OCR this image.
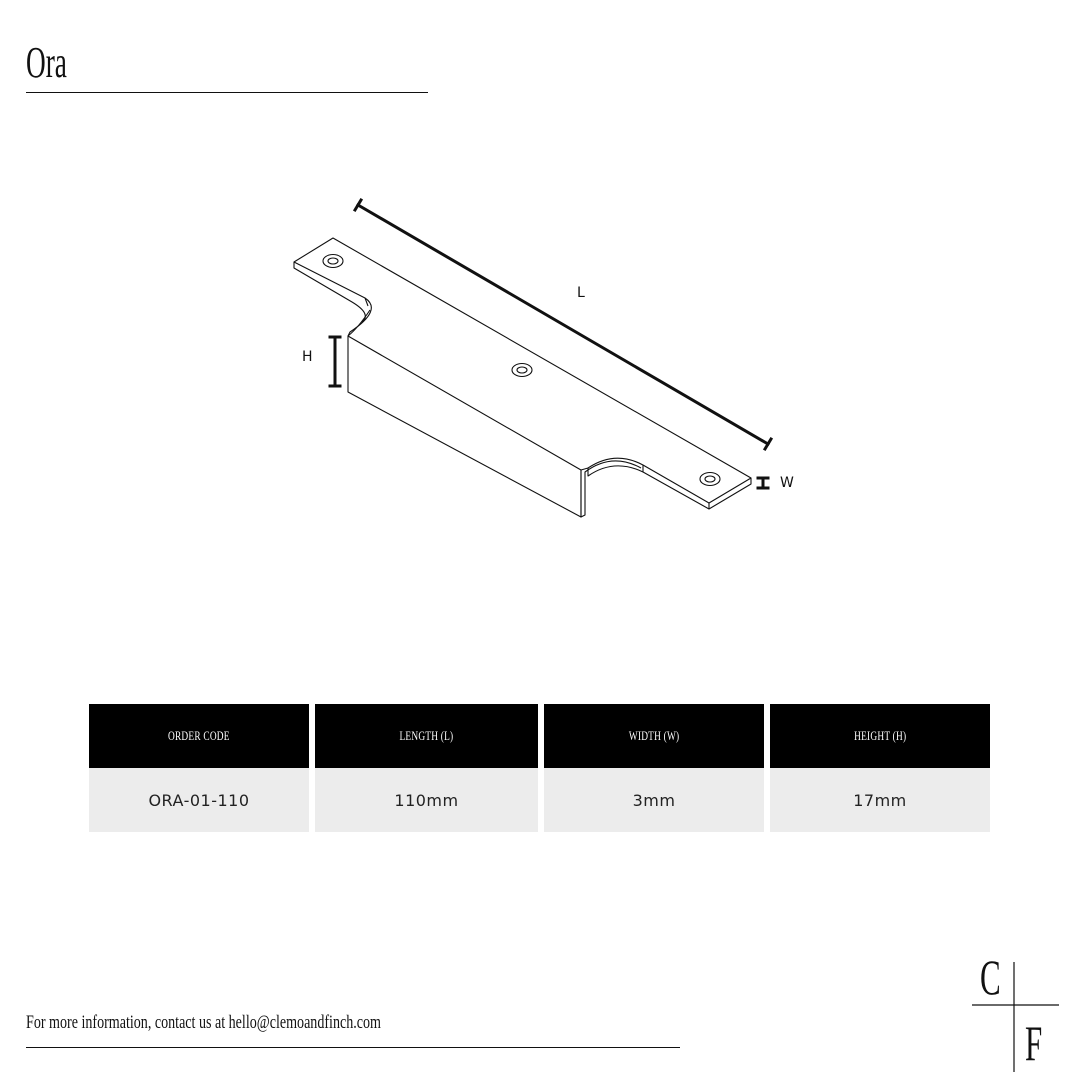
Ora
L
H
W
ORDER CODE		LENGTH (L)		WIDTH (W)		HEIGHT (H)
ORA-01-110		110mm		3mm		17mm
For more information, contact us at hello@clemoandfinch.com
C
F
